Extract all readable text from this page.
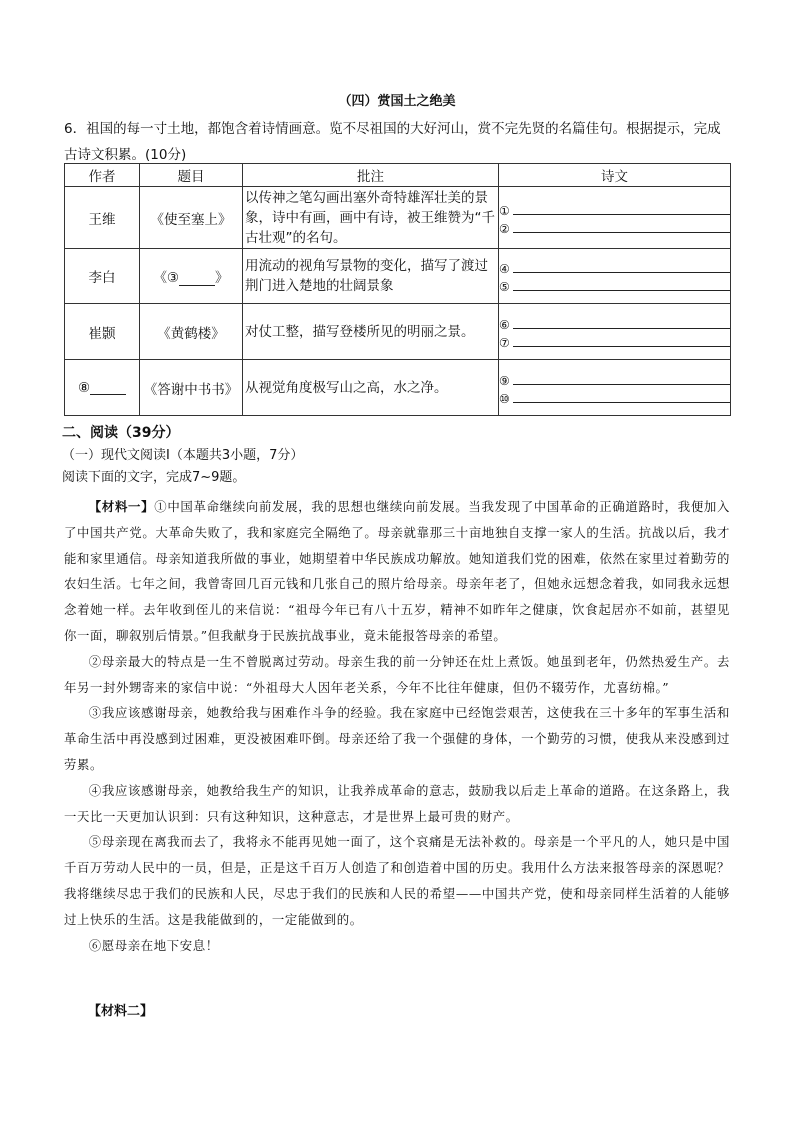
（四）赏国土之绝美
6．祖国的每一寸土地，都饱含着诗情画意。览不尽祖国的大好河山，赏不完先贤的名篇佳句。根据提示，完成古诗文积累。(10分)
作者	题目	批注	诗文
王维	《使至塞上》	以传神之笔勾画出塞外奇特雄浑壮美的景象，诗中有画，画中有诗，被王维赞为“千古壮观”的名句。	①
②

李白	《③ 》	用流动的视角写景物的变化，描写了渡过荆门进入楚地的壮阔景象	④
⑤

崔颢	《黄鹤楼》	对仗工整，描写登楼所见的明丽之景。	⑥
⑦

⑧	《答谢中书书》	从视觉角度极写山之高，水之净。	⑨
⑩
二、阅读（39分）
（一）现代文阅读Ⅰ（本题共3小题，7分）
阅读下面的文字，完成7~9题。

【材料一】①中国革命继续向前发展，我的思想也继续向前发展。当我发现了中国革命的正确道路时，我便加入了中国共产党。大革命失败了，我和家庭完全隔绝了。母亲就靠那三十亩地独自支撑一家人的生活。抗战以后，我才能和家里通信。母亲知道我所做的事业，她期望着中华民族成功解放。她知道我们党的困难，依然在家里过着勤劳的农妇生活。七年之间，我曾寄回几百元钱和几张自己的照片给母亲。母亲年老了，但她永远想念着我，如同我永远想念着她一样。去年收到侄儿的来信说：“祖母今年已有八十五岁，精神不如昨年之健康，饮食起居亦不如前，甚望见你一面，聊叙别后情景。”但我献身于民族抗战事业，竟未能报答母亲的希望。

②母亲最大的特点是一生不曾脱离过劳动。母亲生我的前一分钟还在灶上煮饭。她虽到老年，仍然热爱生产。去年另一封外甥寄来的家信中说：“外祖母大人因年老关系，今年不比往年健康，但仍不辍劳作，尤喜纺棉。”

③我应该感谢母亲，她教给我与困难作斗争的经验。我在家庭中已经饱尝艰苦，这使我在三十多年的军事生活和革命生活中再没感到过困难，更没被困难吓倒。母亲还给了我一个强健的身体，一个勤劳的习惯，使我从来没感到过劳累。

④我应该感谢母亲，她教给我生产的知识，让我养成革命的意志，鼓励我以后走上革命的道路。在这条路上，我一天比一天更加认识到：只有这种知识，这种意志，才是世界上最可贵的财产。

⑤母亲现在离我而去了，我将永不能再见她一面了，这个哀痛是无法补救的。母亲是一个平凡的人，她只是中国千百万劳动人民中的一员，但是，正是这千百万人创造了和创造着中国的历史。我用什么方法来报答母亲的深恩呢？我将继续尽忠于我们的民族和人民，尽忠于我们的民族和人民的希望——中国共产党，使和母亲同样生活着的人能够过上快乐的生活。这是我能做到的，一定能做到的。

⑥愿母亲在地下安息！

【材料二】
